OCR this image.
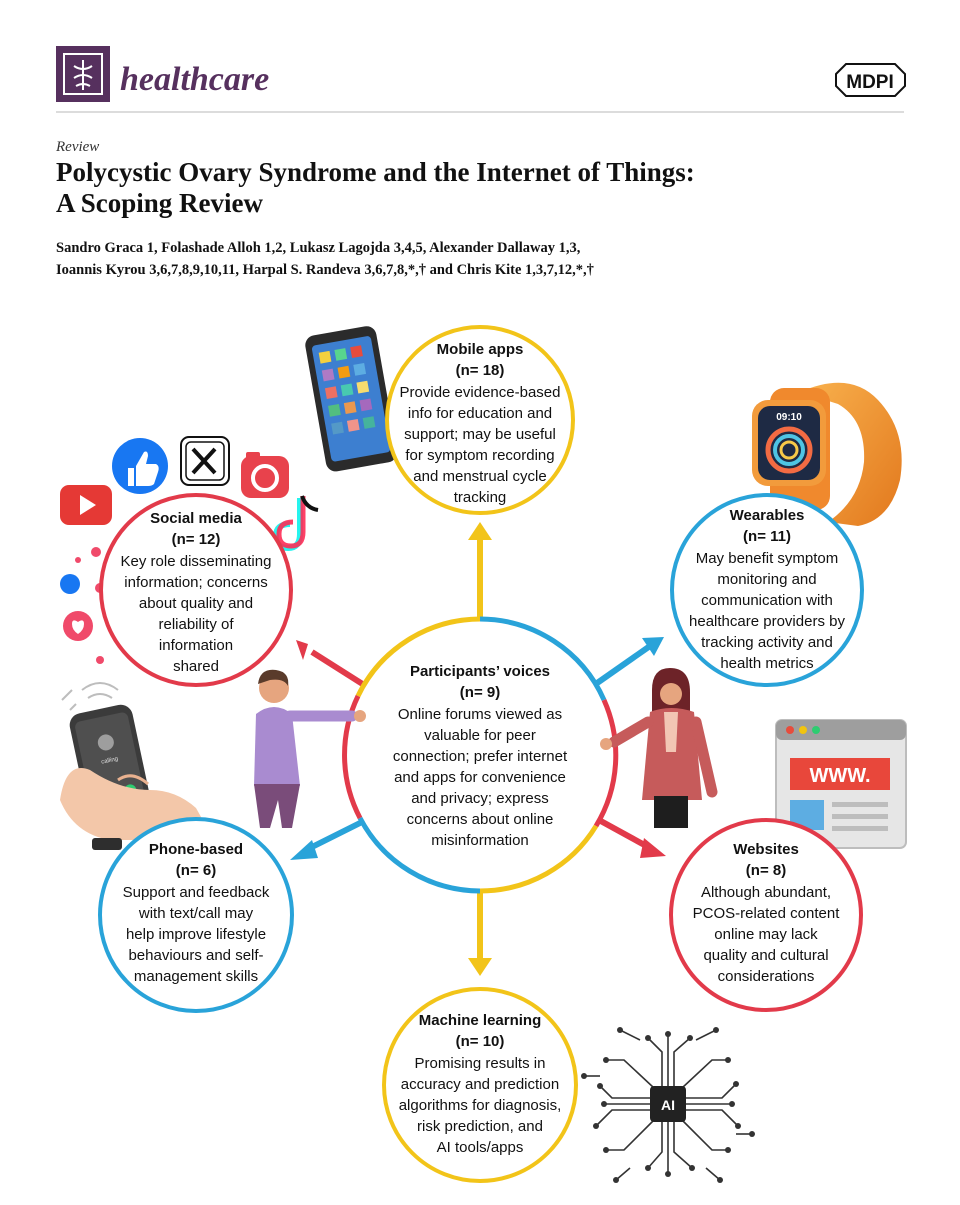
healthcare	MDPI
Review
Polycystic Ovary Syndrome and the Internet of Things:
A Scoping Review
Sandro Graca 1, Folashade Alloh 1,2, Lukasz Lagojda 3,4,5, Alexander Dallaway 1,3,
Ioannis Kyrou 3,6,7,8,9,10,11, Harpal S. Randeva 3,6,7,8,*,† and Chris Kite 1,3,7,12,*,†
Participants’ voices
(n= 9)
Online forums viewed as
valuable for peer
connection; prefer internet
and apps for convenience
and privacy; express
concerns about online
misinformation
09:10
calling
WWW.
AI
Mobile apps
(n= 18)
Provide evidence-based
info for education and
support; may be useful
for symptom recording
and menstrual cycle
tracking
Wearables
(n= 11)
May benefit symptom
monitoring and
communication with
healthcare providers by
tracking activity and
health metrics
Social media
(n= 12)
Key role disseminating
information; concerns
about quality and
reliability of
information
shared
Phone-based
(n= 6)
Support and feedback
with text/call may
help improve lifestyle
behaviours and self-
management skills
Websites
(n= 8)
Although abundant,
PCOS-related content
online may lack
quality and cultural
considerations
Machine learning
(n= 10)
Promising results in
accuracy and prediction
algorithms for diagnosis,
risk prediction, and
AI tools/apps
